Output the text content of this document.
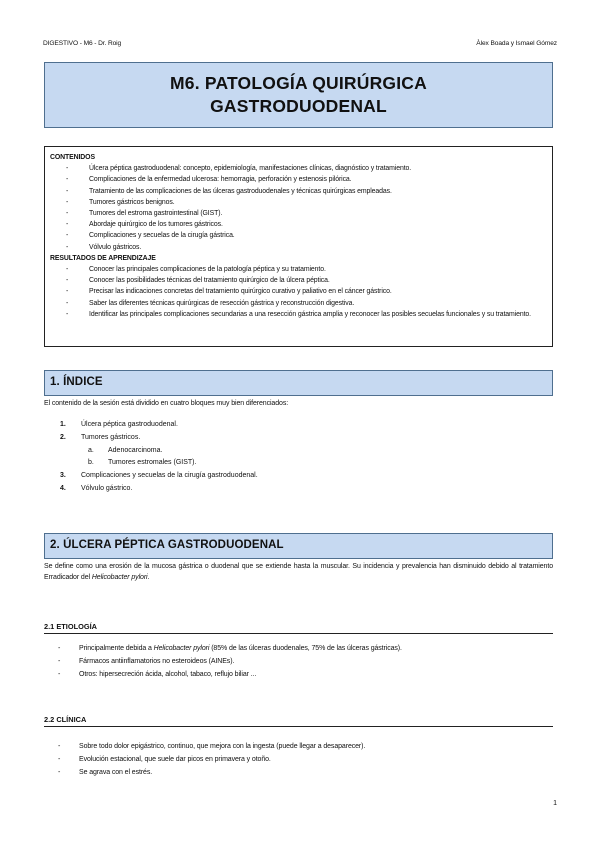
DIGESTIVO - M6 - Dr. Roig	Àlex Boada y Ismael Gómez
M6. PATOLOGÍA QUIRÚRGICA
GASTRODUODENAL
CONTENIDOS
- Úlcera péptica gastroduodenal: concepto, epidemiología, manifestaciones clínicas, diagnóstico y tratamiento.
- Complicaciones de la enfermedad ulcerosa: hemorragia, perforación y estenosis pilórica.
- Tratamiento de las complicaciones de las úlceras gastroduodenales y técnicas quirúrgicas empleadas.
- Tumores gástricos benignos.
- Tumores del estroma gastrointestinal (GIST).
- Abordaje quirúrgico de los tumores gástricos.
- Complicaciones y secuelas de la cirugía gástrica.
- Vólvulo gástricos.
RESULTADOS DE APRENDIZAJE
- Conocer las principales complicaciones de la patología péptica y su tratamiento.
- Conocer las posibilidades técnicas del tratamiento quirúrgico de la úlcera péptica.
- Precisar las indicaciones concretas del tratamiento quirúrgico curativo y paliativo en el cáncer gástrico.
- Saber las diferentes técnicas quirúrgicas de resección gástrica y reconstrucción digestiva.
- Identificar las principales complicaciones secundarias a una resección gástrica amplia y reconocer las posibles secuelas funcionales y su tratamiento.
1. ÍNDICE
El contenido de la sesión está dividido en cuatro bloques muy bien diferenciados:
1. Úlcera péptica gastroduodenal.
2. Tumores gástricos.
a. Adenocarcinoma.
b. Tumores estromales (GIST).
3. Complicaciones y secuelas de la cirugía gastroduodenal.
4. Vólvulo gástrico.
2. ÚLCERA PÉPTICA GASTRODUODENAL
Se define como una erosión de la mucosa gástrica o duodenal que se extiende hasta la muscular. Su incidencia y prevalencia han disminuido debido al tratamiento Erradicador del Helicobacter pylori.
2.1 ETIOLOGÍA
- Principalmente debida a Helicobacter pylori (85% de las úlceras duodenales, 75% de las úlceras gástricas).
- Fármacos antiinflamatorios no esteroideos (AINEs).
- Otros: hipersecreción ácida, alcohol, tabaco, reflujo biliar ...
2.2 CLÍNICA
- Sobre todo dolor epigástrico, continuo, que mejora con la ingesta (puede llegar a desaparecer).
- Evolución estacional, que suele dar picos en primavera y otoño.
- Se agrava con el estrés.
1
